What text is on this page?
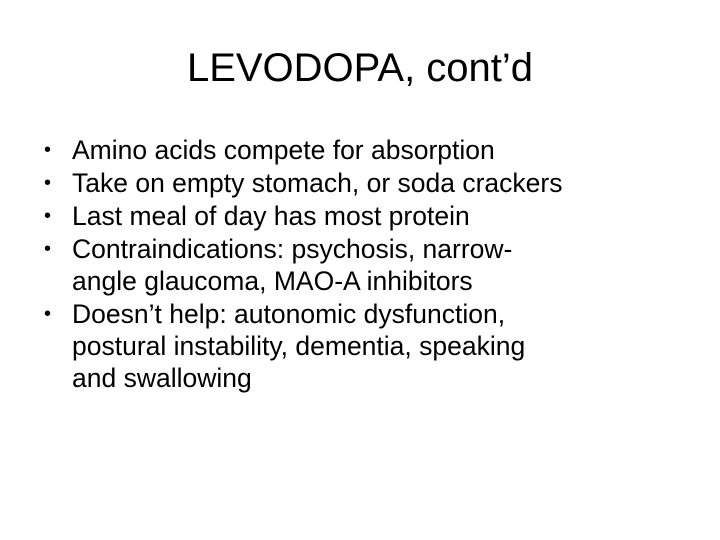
LEVODOPA, cont’d
• Amino acids compete for absorption
• Take on empty stomach, or soda crackers
• Last meal of day has most protein
• Contraindications: psychosis, narrow-
angle glaucoma, MAO-A inhibitors
• Doesn’t help: autonomic dysfunction,
postural instability, dementia, speaking
and swallowing
